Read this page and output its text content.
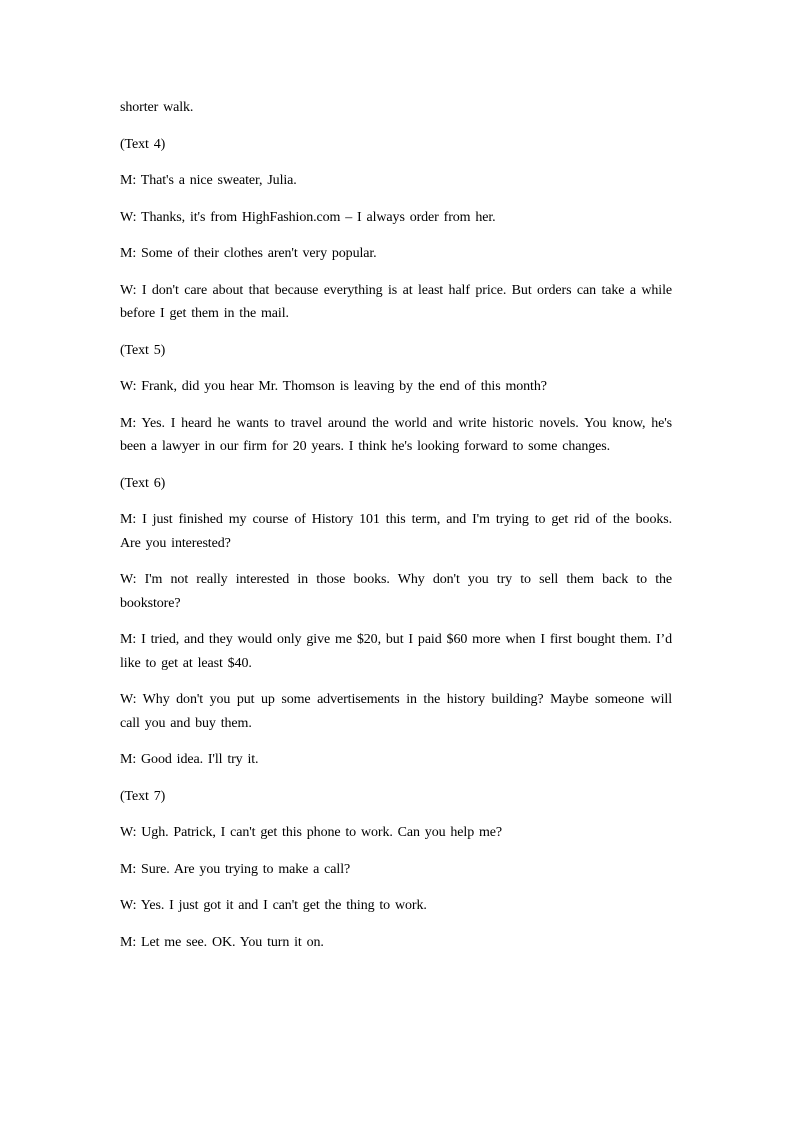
shorter walk.

(Text 4)

M: That's a nice sweater, Julia.

W: Thanks, it's from HighFashion.com – I always order from her.

M: Some of their clothes aren't very popular.

W: I don't care about that because everything is at least half price. But orders can take a while before I get them in the mail.

(Text 5)

W: Frank, did you hear Mr. Thomson is leaving by the end of this month?

M: Yes. I heard he wants to travel around the world and write historic novels. You know, he's been a lawyer in our firm for 20 years. I think he's looking forward to some changes.

(Text 6)

M: I just finished my course of History 101 this term, and I'm trying to get rid of the books. Are you interested?

W: I'm not really interested in those books. Why don't you try to sell them back to the bookstore?

M: I tried, and they would only give me $20, but I paid $60 more when I first bought them. I’d like to get at least $40.

W: Why don't you put up some advertisements in the history building? Maybe someone will call you and buy them.

M: Good idea. I'll try it.

(Text 7)

W: Ugh. Patrick, I can't get this phone to work. Can you help me?

M: Sure. Are you trying to make a call?

W: Yes. I just got it and I can't get the thing to work.

M: Let me see. OK. You turn it on.
